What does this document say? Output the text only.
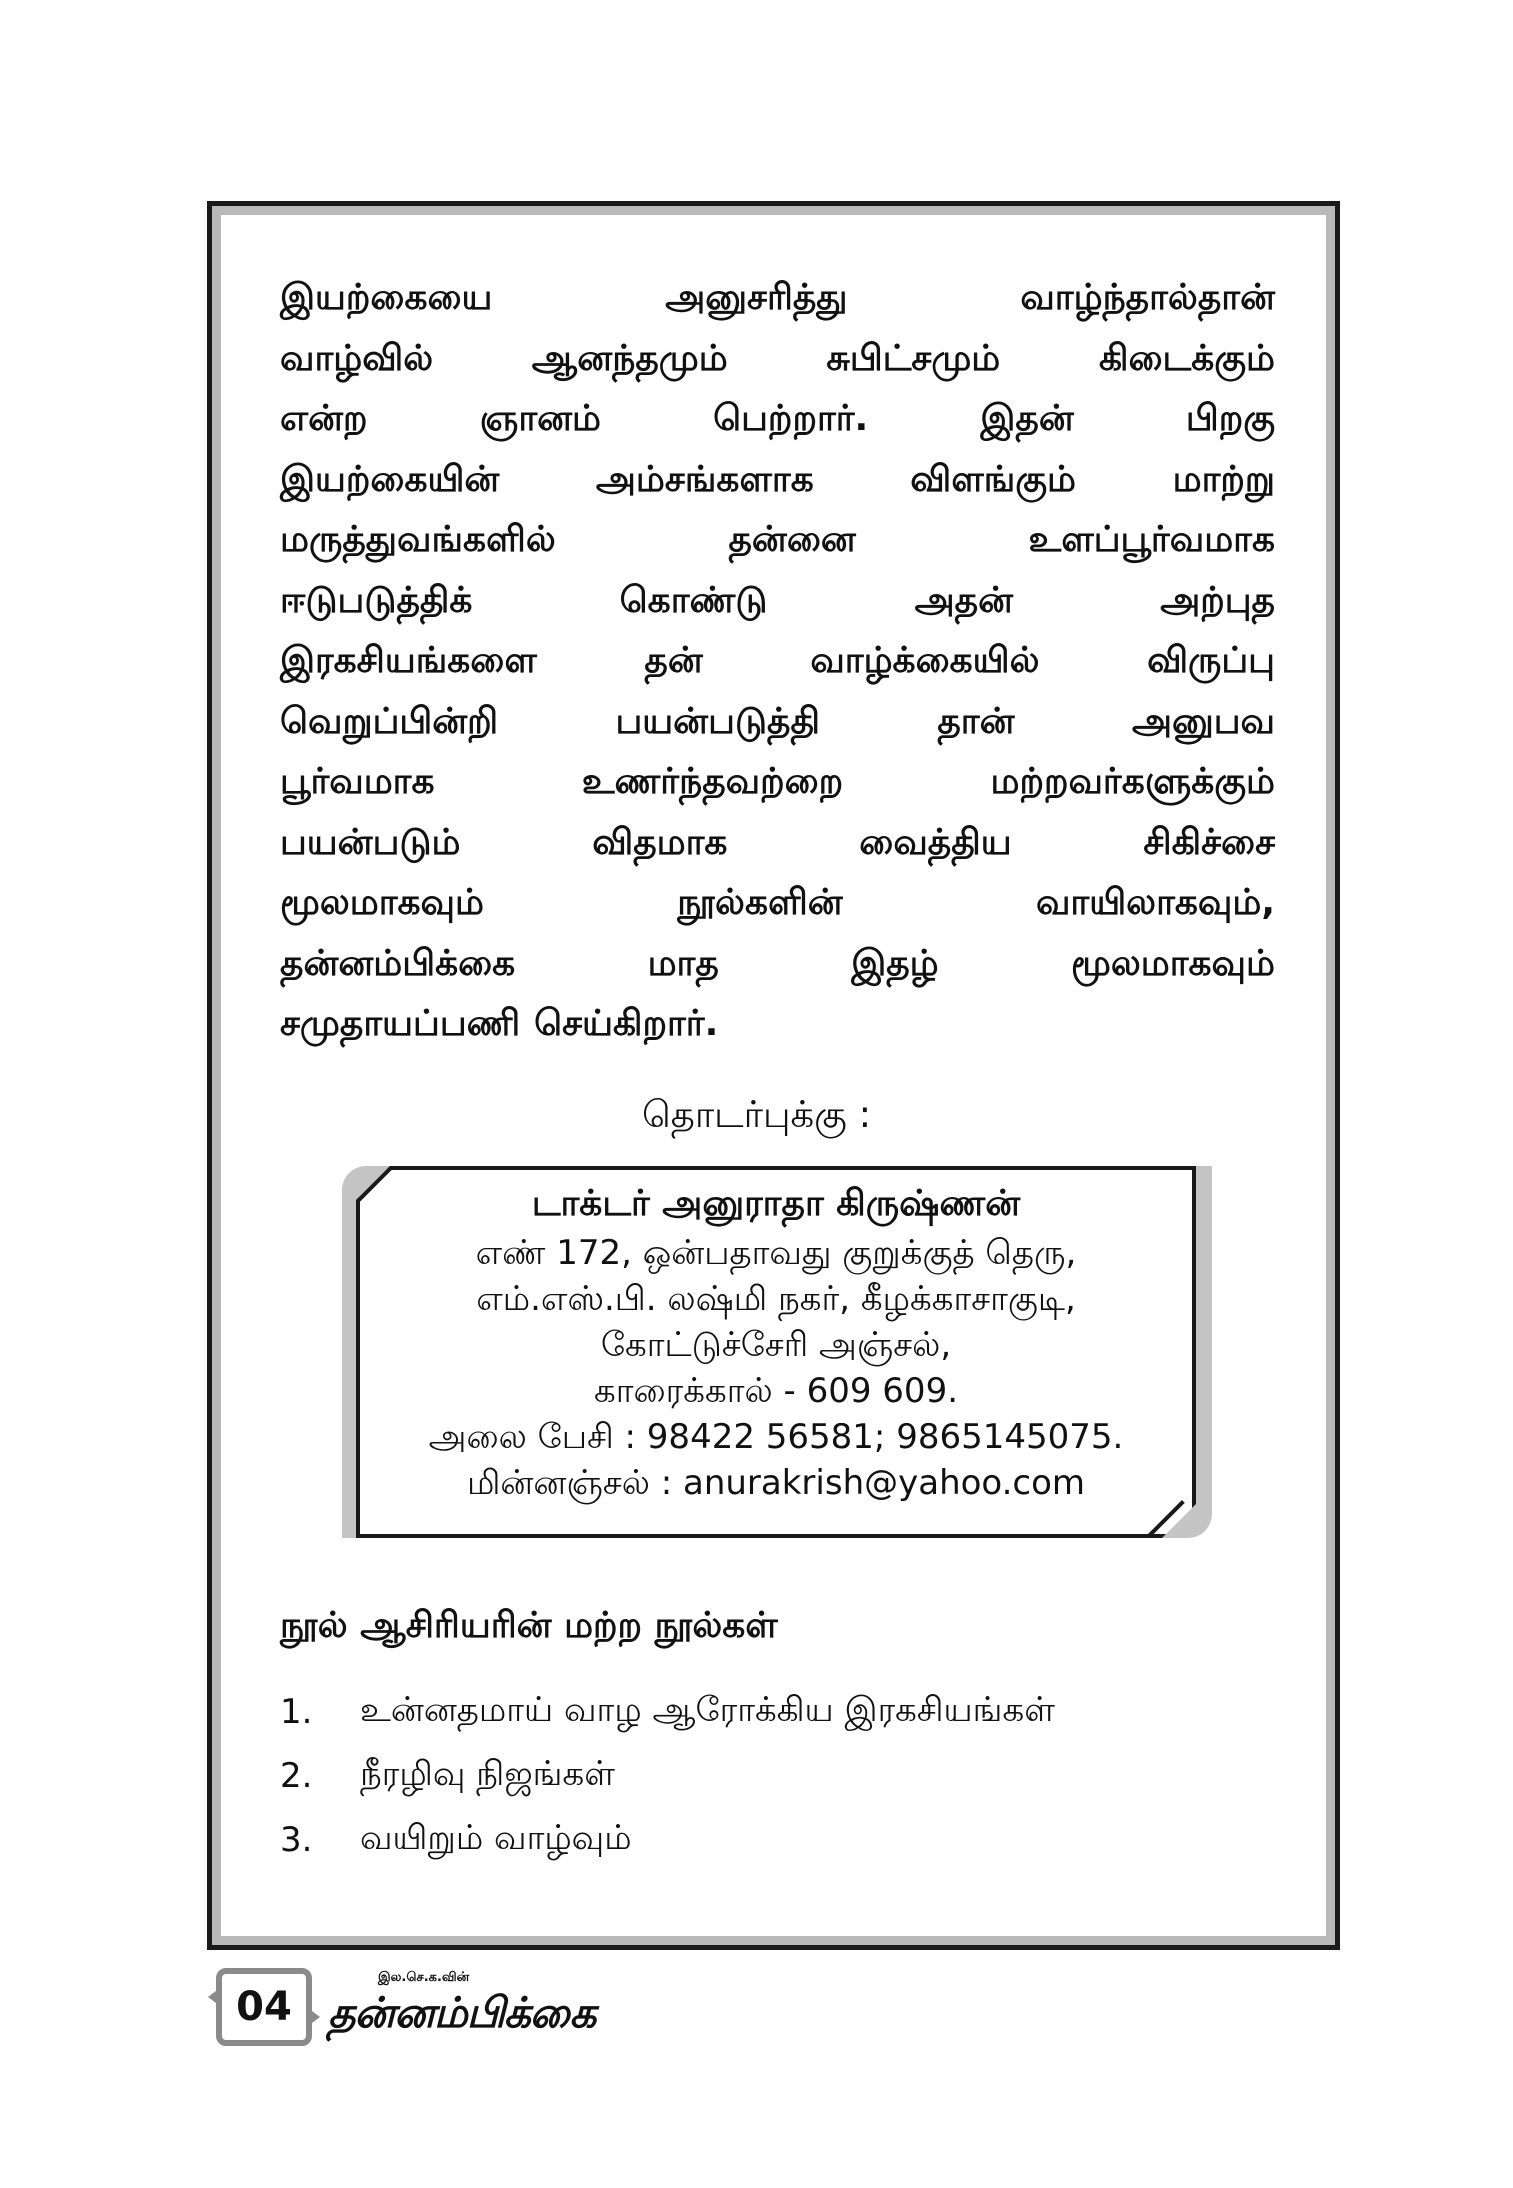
இயற்கையை	அனுசரித்து	வாழ்ந்தால்தான்
வாழ்வில்	ஆனந்தமும்	சுபிட்சமும்	கிடைக்கும்
என்ற	ஞானம்	பெற்றார்.	இதன்	பிறகு
இயற்கையின்	அம்சங்களாக	விளங்கும்	மாற்று
மருத்துவங்களில்	தன்னை	உளப்பூர்வமாக
ஈடுபடுத்திக்	கொண்டு	அதன்	அற்புத
இரகசியங்களை	தன்	வாழ்க்கையில்	விருப்பு
வெறுப்பின்றி	பயன்படுத்தி	தான்	அனுபவ
பூர்வமாக	உணர்ந்தவற்றை	மற்றவர்களுக்கும்
பயன்படும்	விதமாக	வைத்திய	சிகிச்சை
மூலமாகவும்	நூல்களின்	வாயிலாகவும்,
தன்னம்பிக்கை	மாத	இதழ்	மூலமாகவும்
சமுதாயப்பணி செய்கிறார்.
தொடர்புக்கு :
டாக்டர் அனுராதா கிருஷ்ணன்
எண் 172, ஒன்பதாவது குறுக்குத் தெரு,
எம்.எஸ்.பி. லஷ்மி நகர், கீழக்காசாகுடி,
கோட்டுச்சேரி அஞ்சல்,
காரைக்கால் - 609 609.
அலை பேசி : 98422 56581; 9865145075.
மின்னஞ்சல் : anurakrish@yahoo.com
நூல் ஆசிரியரின் மற்ற நூல்கள்
1.	உன்னதமாய் வாழ ஆரோக்கிய இரகசியங்கள்
2.	நீரழிவு நிஜங்கள்
3.	வயிறும் வாழ்வும்
04
இல.செ.க.வின்
தன்னம்பிக்கை
